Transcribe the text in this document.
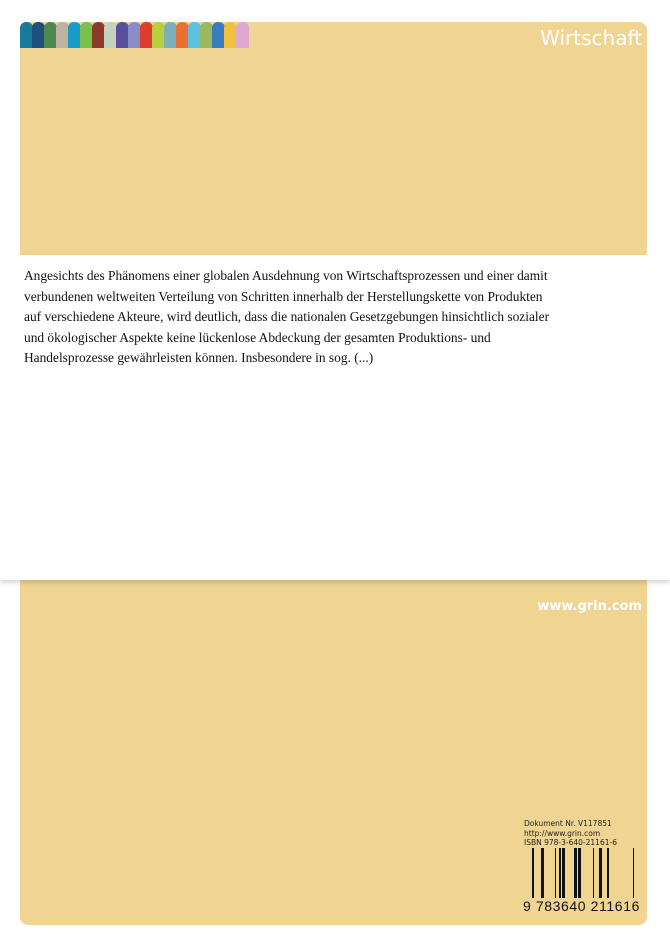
Wirtschaft
Angesichts des Phänomens einer globalen Ausdehnung von Wirtschaftsprozessen und einer damit
verbundenen weltweiten Verteilung von Schritten innerhalb der Herstellungskette von Produkten
auf verschiedene Akteure, wird deutlich, dass die nationalen Gesetzgebungen hinsichtlich sozialer
und ökologischer Aspekte keine lückenlose Abdeckung der gesamten Produktions- und
Handelsprozesse gewährleisten können. Insbesondere in sog. (...)
www.grin.com
Dokument Nr. V117851
http://www.grin.com
ISBN 978-3-640-21161-6
9 783640 211616
